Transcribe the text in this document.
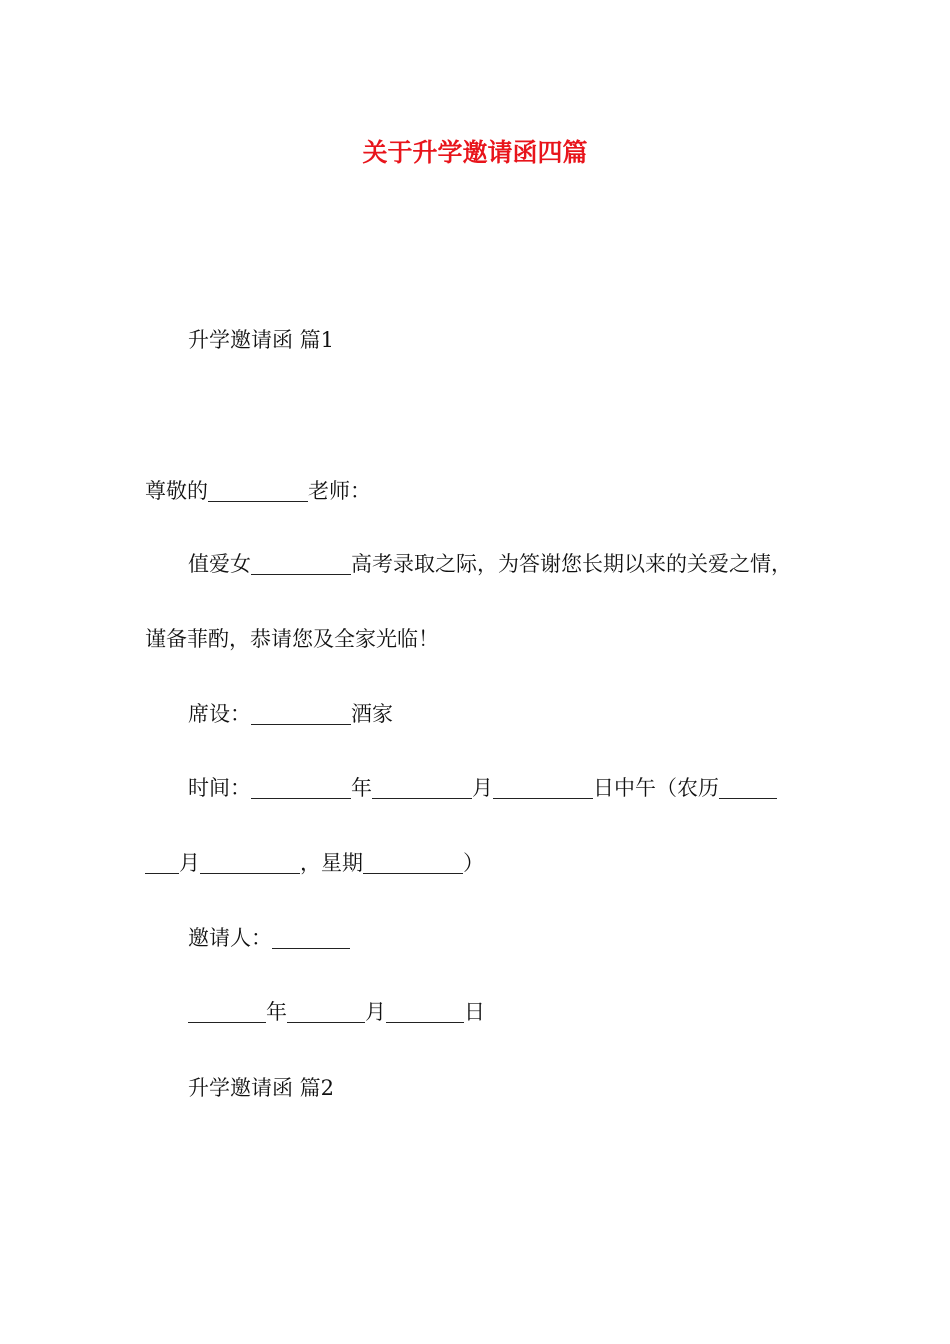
关于升学邀请函四篇
升学邀请函 篇1
尊敬的	老师：
值爱女	高考录取之际，为答谢您长期以来的关爱之情，
谨备菲酌，恭请您及全家光临！
席设：	酒家
时间：	年	月	日中午（农历
月	，星期	）
邀请人：
年	月	日
升学邀请函 篇2
